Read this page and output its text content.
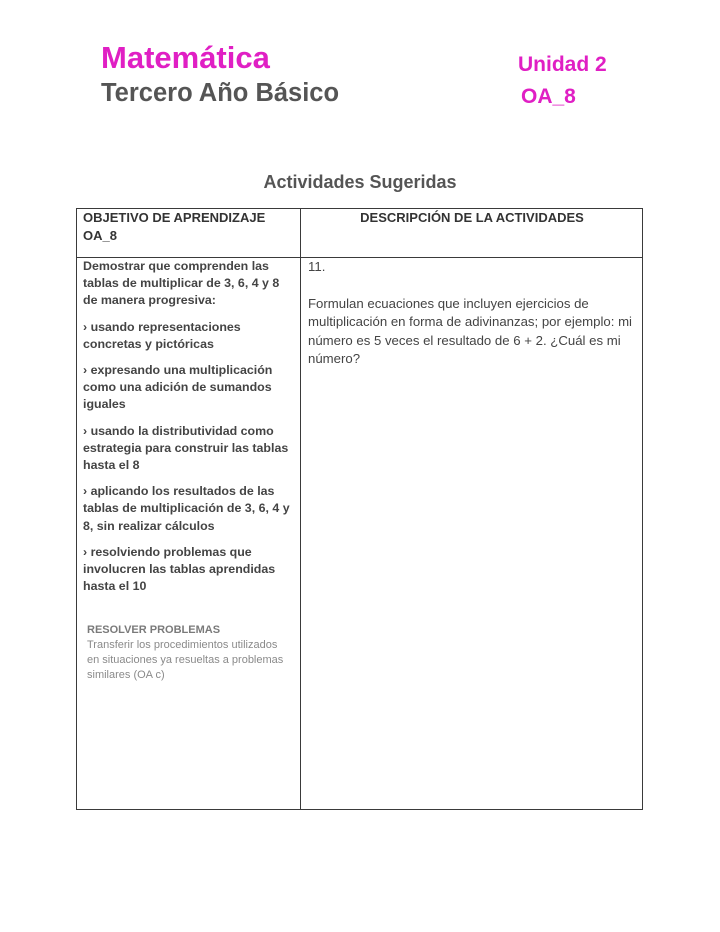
Matemática
Tercero Año Básico
Unidad 2
OA_8
Actividades Sugeridas
OBJETIVO DE APRENDIZAJE OA_8
DESCRIPCIÓN DE LA ACTIVIDADES

Demostrar que comprenden las tablas de multiplicar de 3, 6, 4 y 8 de manera progresiva:

› usando representaciones concretas y pictóricas

› expresando una multiplicación como una adición de sumandos iguales

› usando la distributividad como estrategia para construir las tablas hasta el 8

› aplicando los resultados de las tablas de multiplicación de 3, 6, 4 y 8, sin realizar cálculos

› resolviendo problemas que involucren las tablas aprendidas hasta el 10

RESOLVER PROBLEMAS
Transferir los procedimientos utilizados en situaciones ya resueltas a problemas similares (OA c)

11.

Formulan ecuaciones que incluyen ejercicios de multiplicación en forma de adivinanzas; por ejemplo: mi número es 5 veces el resultado de 6 + 2. ¿Cuál es mi número?
